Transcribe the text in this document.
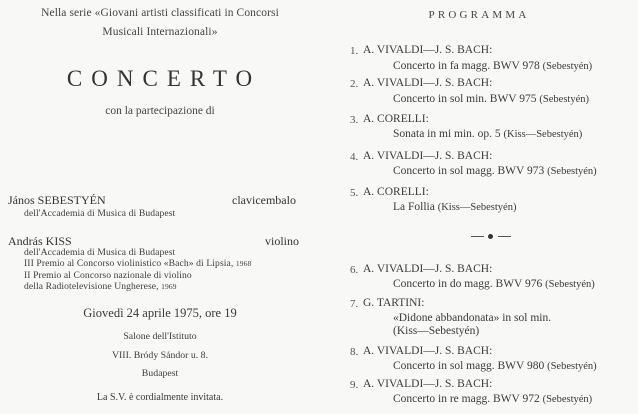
Nella serie «Giovani artisti classificati in Concorsi
Musicali Internazionali»
CONCERTO
con la partecipazione di
János SEBESTYÉN	clavicembalo
dell'Accademia di Musica di Budapest
András KISS	violino
dell'Accademia di Musica di Budapest
III Premio al Concorso violinistico «Bach» di Lipsia, 1968
II Premio al Concorso nazionale di violino
della Radiotelevisione Ungherese, 1969
Giovedì 24 aprile 1975, ore 19
Salone dell'Istituto
VIII. Bródy Sándor u. 8.
Budapest
La S.V. è cordialmente invitata.
PROGRAMMA
1. A. VIVALDI—J. S. BACH:
Concerto in fa magg. BWV 978 (Sebestyén)
2. A. VIVALDI—J. S. BACH:
Concerto in sol min. BWV 975 (Sebestyén)
3. A. CORELLI:
Sonata in mi min. op. 5 (Kiss—Sebestyén)
4. A. VIVALDI—J. S. BACH:
Concerto in sol magg. BWV 973 (Sebestyén)
5. A. CORELLI:
La Follia (Kiss—Sebestyén)
6. A. VIVALDI—J. S. BACH:
Concerto in do magg. BWV 976 (Sebestyén)
7. G. TARTINI:
«Didone abbandonata» in sol min.
(Kiss—Sebestyén)
8. A. VIVALDI—J. S. BACH:
Concerto in sol magg. BWV 980 (Sebestyén)
9. A. VIVALDI—J. S. BACH:
Concerto in re magg. BWV 972 (Sebestyén)
